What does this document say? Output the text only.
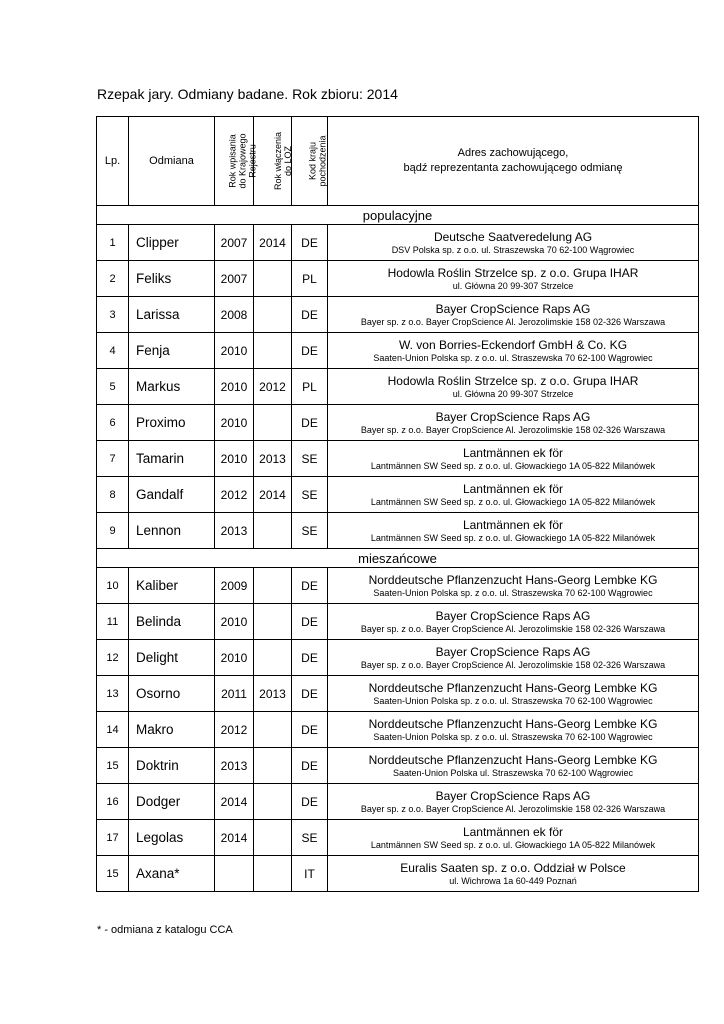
Rzepak jary. Odmiany badane. Rok zbioru: 2014
Lp.	Odmiana	Rok wpisania
do Krajowego
Rejestru	Rok włączenia
do LOZ	Kod kraju
pochodzenia	Adres zachowującego,
bądź reprezentanta zachowującego odmianę
populacyjne					
1	Clipper	2007	2014	DE	Deutsche Saatveredelung AG
DSV Polska sp. z o.o. ul. Straszewska 70 62-100 Wągrowiec

2	Feliks	2007		PL	Hodowla Roślin Strzelce sp. z o.o. Grupa IHAR
ul. Główna 20 99-307 Strzelce

3	Larissa	2008		DE	Bayer CropScience Raps AG
Bayer sp. z o.o. Bayer CropScience Al. Jerozolimskie 158 02-326 Warszawa

4	Fenja	2010		DE	W. von Borries-Eckendorf GmbH & Co. KG
Saaten-Union Polska sp. z o.o. ul. Straszewska 70 62-100 Wągrowiec

5	Markus	2010	2012	PL	Hodowla Roślin Strzelce sp. z o.o. Grupa IHAR
ul. Główna 20 99-307 Strzelce

6	Proximo	2010		DE	Bayer CropScience Raps AG
Bayer sp. z o.o. Bayer CropScience Al. Jerozolimskie 158 02-326 Warszawa

7	Tamarin	2010	2013	SE	Lantmännen ek för
Lantmännen SW Seed sp. z o.o. ul. Głowackiego 1A 05-822 Milanówek

8	Gandalf	2012	2014	SE	Lantmännen ek för
Lantmännen SW Seed sp. z o.o. ul. Głowackiego 1A 05-822 Milanówek

9	Lennon	2013		SE	Lantmännen ek för
Lantmännen SW Seed sp. z o.o. ul. Głowackiego 1A 05-822 Milanówek

mieszańcowe					
10	Kaliber	2009		DE	Norddeutsche Pflanzenzucht Hans-Georg Lembke KG
Saaten-Union Polska sp. z o.o. ul. Straszewska 70 62-100 Wągrowiec

11	Belinda	2010		DE	Bayer CropScience Raps AG
Bayer sp. z o.o. Bayer CropScience Al. Jerozolimskie 158 02-326 Warszawa

12	Delight	2010		DE	Bayer CropScience Raps AG
Bayer sp. z o.o. Bayer CropScience Al. Jerozolimskie 158 02-326 Warszawa

13	Osorno	2011	2013	DE	Norddeutsche Pflanzenzucht Hans-Georg Lembke KG
Saaten-Union Polska sp. z o.o. ul. Straszewska 70 62-100 Wągrowiec

14	Makro	2012		DE	Norddeutsche Pflanzenzucht Hans-Georg Lembke KG
Saaten-Union Polska sp. z o.o. ul. Straszewska 70 62-100 Wągrowiec

15	Doktrin	2013		DE	Norddeutsche Pflanzenzucht Hans-Georg Lembke KG
Saaten-Union Polska ul. Straszewska 70 62-100 Wągrowiec

16	Dodger	2014		DE	Bayer CropScience Raps AG
Bayer sp. z o.o. Bayer CropScience Al. Jerozolimskie 158 02-326 Warszawa

17	Legolas	2014		SE	Lantmännen ek för
Lantmännen SW Seed sp. z o.o. ul. Głowackiego 1A 05-822 Milanówek

15	Axana*			IT	Euralis Saaten sp. z o.o. Oddział w Polsce
ul. Wichrowa 1a 60-449 Poznań
* - odmiana z katalogu CCA
